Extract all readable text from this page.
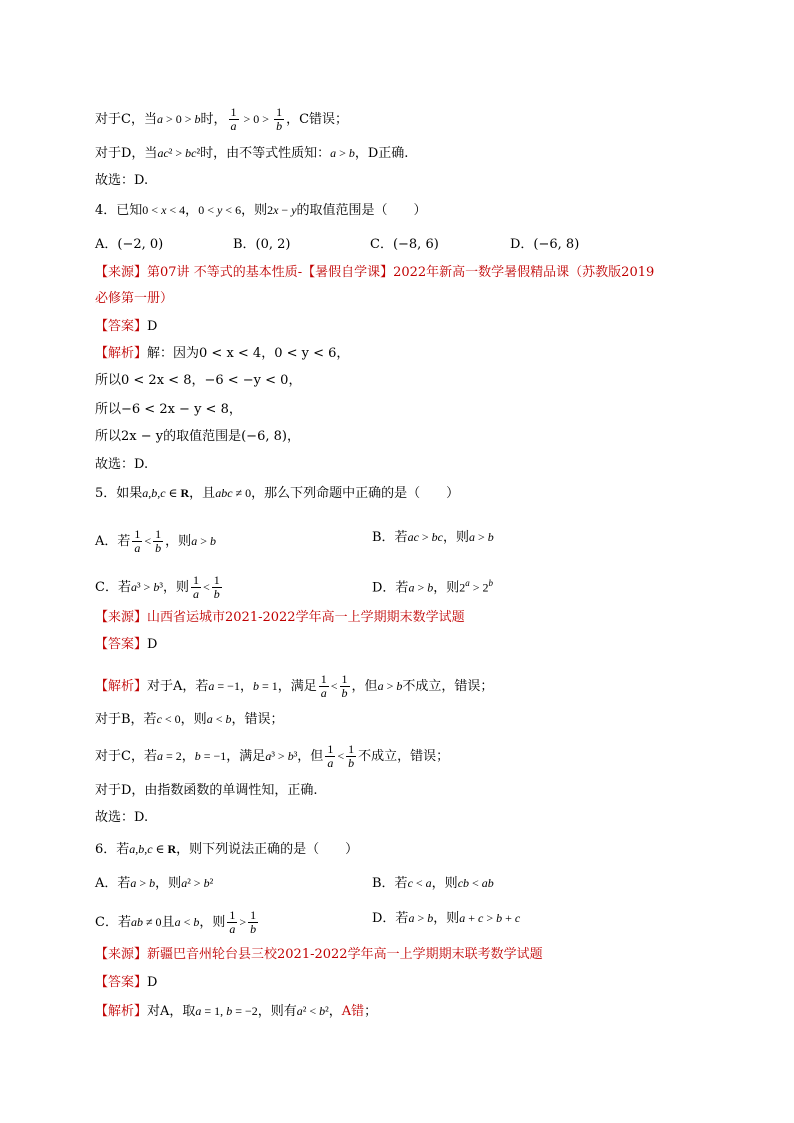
对于C，当a > 0 > b时， $\frac{1}{a} > 0 > \frac{1}{b}$ ，C错误；
对于D，当ac² > bc²时，由不等式性质知：a > b，D正确.
故选：D.
4．已知0 < x < 4，0 < y < 6，则2x − y的取值范围是（　　）
A．(−2, 0)	B．(0, 2)	C．(−8, 6)	D．(−6, 8)
【来源】第07讲 不等式的基本性质-【暑假自学课】2022年新高一数学暑假精品课（苏教版2019
必修第一册）
【答案】D
【解析】解：因为0 < x < 4，0 < y < 6，
所以0 < 2x < 8，−6 < −y < 0，
所以−6 < 2x − y < 8，
所以2x − y的取值范围是(−6, 8)，
故选：D.
5．如果a,b,c ∈ R，且abc ≠ 0，那么下列命题中正确的是（　　）
A．若 $\frac{1}{a} < \frac{1}{b}$ ，则a > b	B．若ac > bc，则a > b
C．若a³ > b³，则 $\frac{1}{a} < \frac{1}{b}$	D．若a > b，则$2^a > 2^b$
【来源】山西省运城市2021-2022学年高一上学期期末数学试题
【答案】D
【解析】对于A，若a = −1，b = 1，满足 $\frac{1}{a} < \frac{1}{b}$ ，但a > b不成立，错误；
对于B，若c < 0，则a < b，错误；
对于C，若a = 2，b = −1，满足a³ > b³，但 $\frac{1}{a} < \frac{1}{b}$ 不成立，错误；
对于D，由指数函数的单调性知，正确.
故选：D.
6．若a,b,c ∈ R，则下列说法正确的是（　　）
A．若a > b，则a² > b²	B．若c < a，则cb < ab
C．若ab ≠ 0且a < b，则 $\frac{1}{a} > \frac{1}{b}$	D．若a > b，则a + c > b + c
【来源】新疆巴音州轮台县三校2021-2022学年高一上学期期末联考数学试题
【答案】D
【解析】对A，取a = 1, b = −2，则有a² < b²，A错；
